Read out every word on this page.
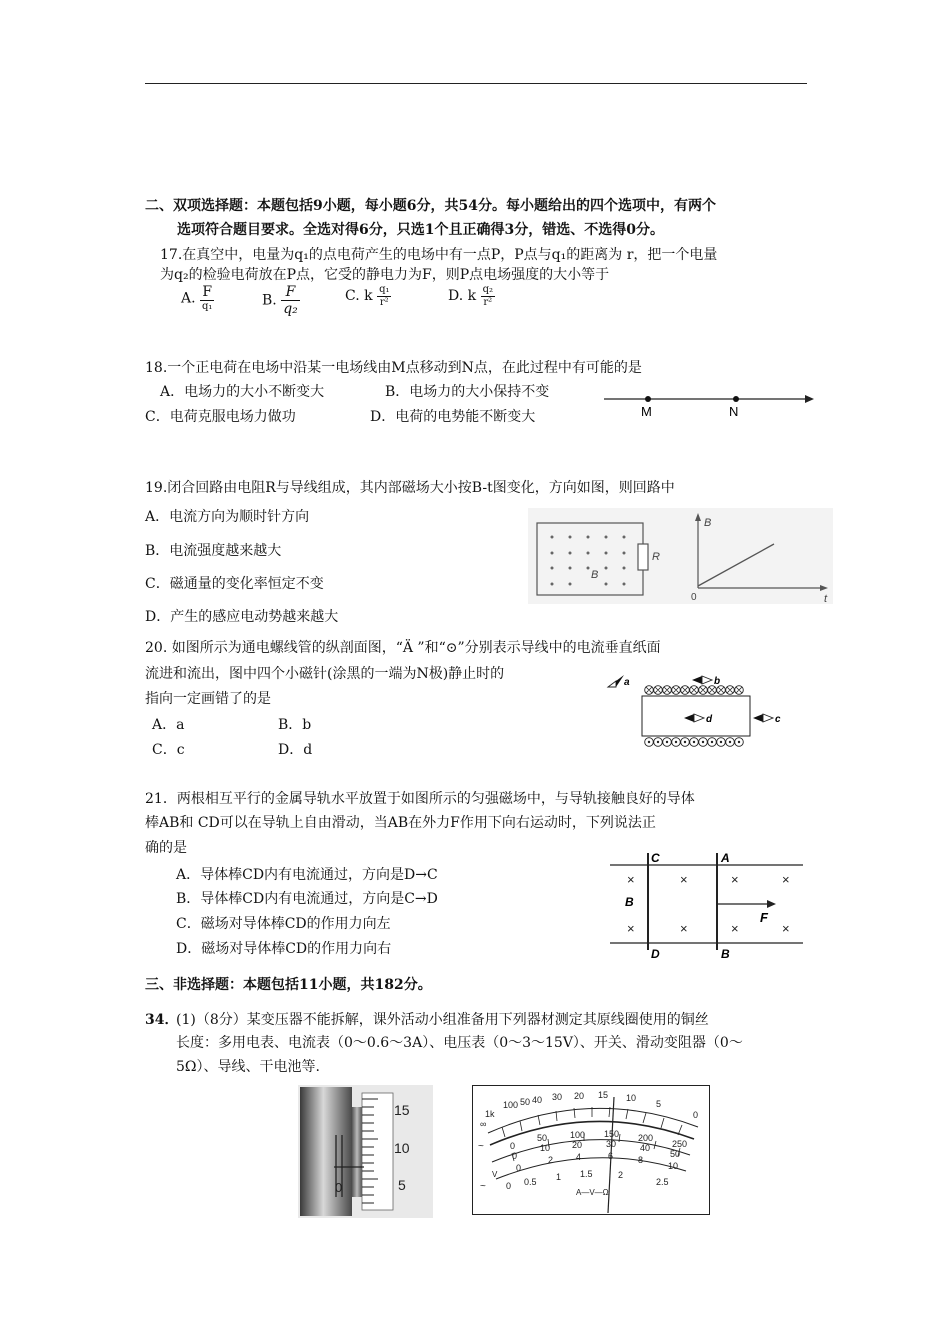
二、双项选择题：本题包括9小题，每小题6分，共54分。每小题给出的四个选项中，有两个
选项符合题目要求。全选对得6分，只选1个且正确得3分，错选、不选得0分。
17.在真空中，电量为q₁的点电荷产生的电场中有一点P，P点与q₁的距离为 r，把一个电量
为q₂的检验电荷放在P点，它受的静电力为F，则P点电场强度的大小等于
A. $\frac{F}{\text{q₁}}$	B. $\frac{F}{\text{q₂}}$	C. k $\frac{\text{q₁}}{\text{r²}}$	D. k $\frac{\text{q₂}}{\text{r²}}$
18.一个正电荷在电场中沿某一电场线由M点移动到N点，在此过程中有可能的是
A．电场力的大小不断变大	B．电场力的大小保持不变
C．电荷克服电场力做功	D．电荷的电势能不断变大	M	N
19.闭合回路由电阻R与导线组成，其内部磁场大小按B-t图变化，方向如图，则回路中
A．电流方向为顺时针方向
B．电流强度越来越大
C．磁通量的变化率恒定不变
D．产生的感应电动势越来越大
R
B
B
t
0
20. 如图所示为通电螺线管的纵剖面图，“Ä ”和“⊙”分别表示导线中的电流垂直纸面
流进和流出，图中四个小磁针(涂黑的一端为N极)静止时的
指向一定画错了的是
A．a	B．b
C．c	D．d
a	b
d	c
21．两根相互平行的金属导轨水平放置于如图所示的匀强磁场中，与导轨接触良好的导体
棒AB和 CD可以在导轨上自由滑动，当AB在外力F作用下向右运动时，下列说法正
确的是
A．导体棒CD内有电流通过，方向是D→C
B．导体棒CD内有电流通过，方向是C→D
C．磁场对导体棒CD的作用力向左
D．磁场对导体棒CD的作用力向右
C	A
D	B
B
×	×	×	×
×	×	×	×
F
三、非选择题：本题包括11小题，共182分。
34．
(1)（8分）某变压器不能拆解，课外活动小组准备用下列器材测定其原线圈使用的铜丝
长度：多用电表、电流表（0～0.6～3A）、电压表（0～3～15V）、开关、滑动变阻器（0～
5Ω）、导线、干电池等.
15
10
5
0
∞
1k
100 50 40 30 20 15 10
5
0
0
50	100 150 200
250
0
10 20	30	40
50
0
2	4	6	8
10
0 0.5 1 1.5	2
2.5
~
V
~
A—V—Ω
